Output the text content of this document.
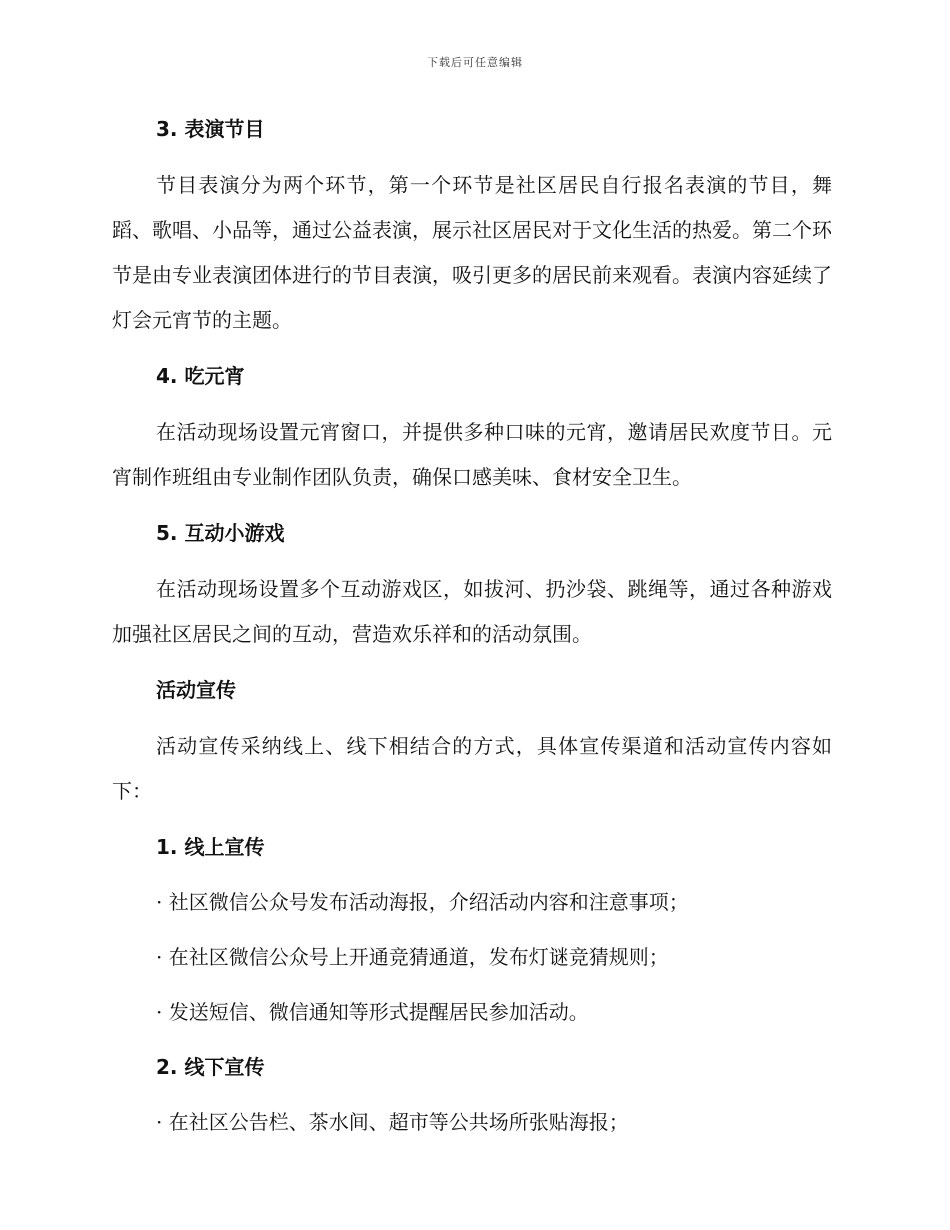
下载后可任意编辑

3. 表演节目

节目表演分为两个环节，第一个环节是社区居民自行报名表演的节目，舞蹈、歌唱、小品等，通过公益表演，展示社区居民对于文化生活的热爱。第二个环节是由专业表演团体进行的节目表演，吸引更多的居民前来观看。表演内容延续了灯会元宵节的主题。

4. 吃元宵

在活动现场设置元宵窗口，并提供多种口味的元宵，邀请居民欢度节日。元宵制作班组由专业制作团队负责，确保口感美味、食材安全卫生。

5. 互动小游戏

在活动现场设置多个互动游戏区，如拔河、扔沙袋、跳绳等，通过各种游戏加强社区居民之间的互动，营造欢乐祥和的活动氛围。

活动宣传

活动宣传采纳线上、线下相结合的方式，具体宣传渠道和活动宣传内容如下：

1. 线上宣传

· 社区微信公众号发布活动海报，介绍活动内容和注意事项；

· 在社区微信公众号上开通竞猜通道，发布灯谜竞猜规则；

· 发送短信、微信通知等形式提醒居民参加活动。

2. 线下宣传

· 在社区公告栏、茶水间、超市等公共场所张贴海报；
